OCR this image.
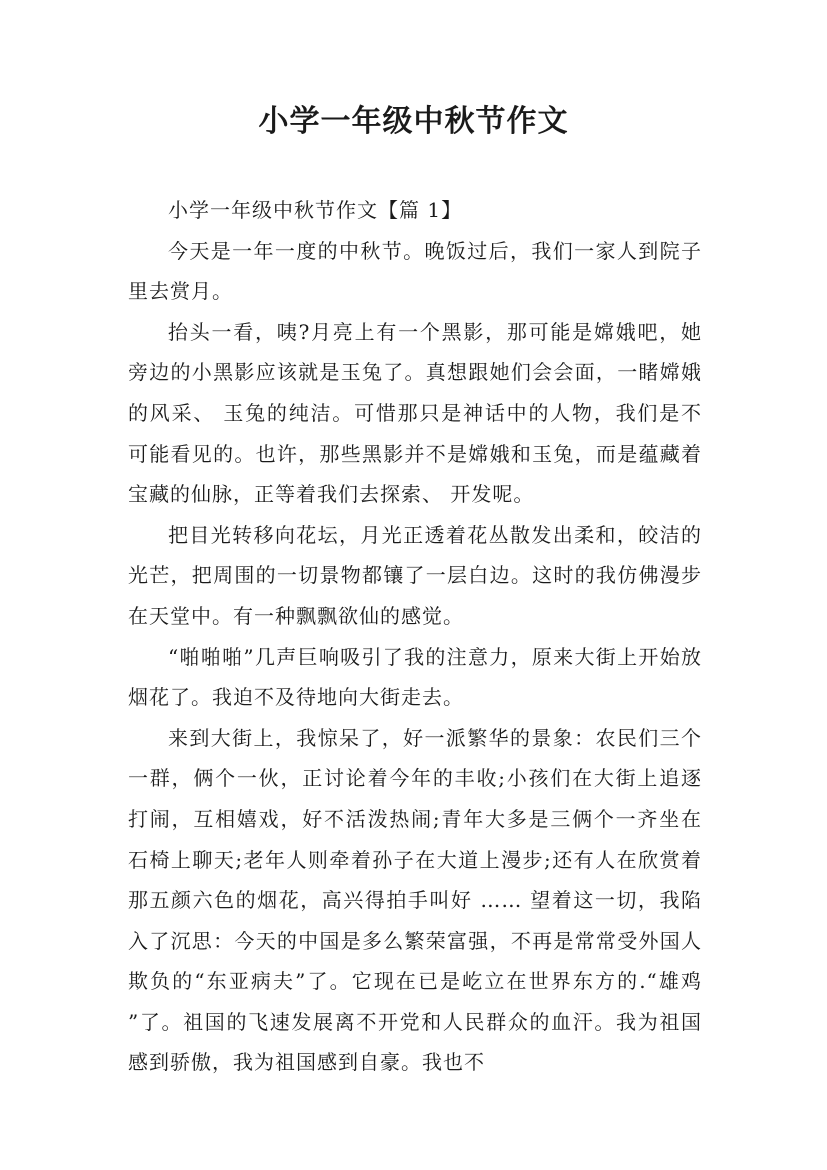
小学一年级中秋节作文

小学一年级中秋节作文【篇 1】

今天是一年一度的中秋节。晚饭过后，我们一家人到院子里去赏月。

抬头一看，咦?月亮上有一个黑影，那可能是嫦娥吧，她旁边的小黑影应该就是玉兔了。真想跟她们会会面，一睹嫦娥的风采、 玉兔的纯洁。可惜那只是神话中的人物，我们是不可能看见的。也许，那些黑影并不是嫦娥和玉兔，而是蕴藏着宝藏的仙脉，正等着我们去探索、 开发呢。

把目光转移向花坛，月光正透着花丛散发出柔和，皎洁的光芒，把周围的一切景物都镶了一层白边。这时的我仿佛漫步在天堂中。有一种飘飘欲仙的感觉。

“啪啪啪”几声巨响吸引了我的注意力，原来大街上开始放烟花了。我迫不及待地向大街走去。

来到大街上，我惊呆了，好一派繁华的景象：农民们三个一群，俩个一伙，正讨论着今年的丰收;小孩们在大街上追逐打闹，互相嬉戏，好不活泼热闹;青年大多是三俩个一齐坐在石椅上聊天;老年人则牵着孙子在大道上漫步;还有人在欣赏着那五颜六色的烟花，高兴得拍手叫好 …… 望着这一切，我陷入了沉思：今天的中国是多么繁荣富强，不再是常常受外国人欺负的“东亚病夫”了。它现在已是屹立在世界东方的.“雄鸡 ”了。祖国的飞速发展离不开党和人民群众的血汗。我为祖国感到骄傲，我为祖国感到自豪。我也不
